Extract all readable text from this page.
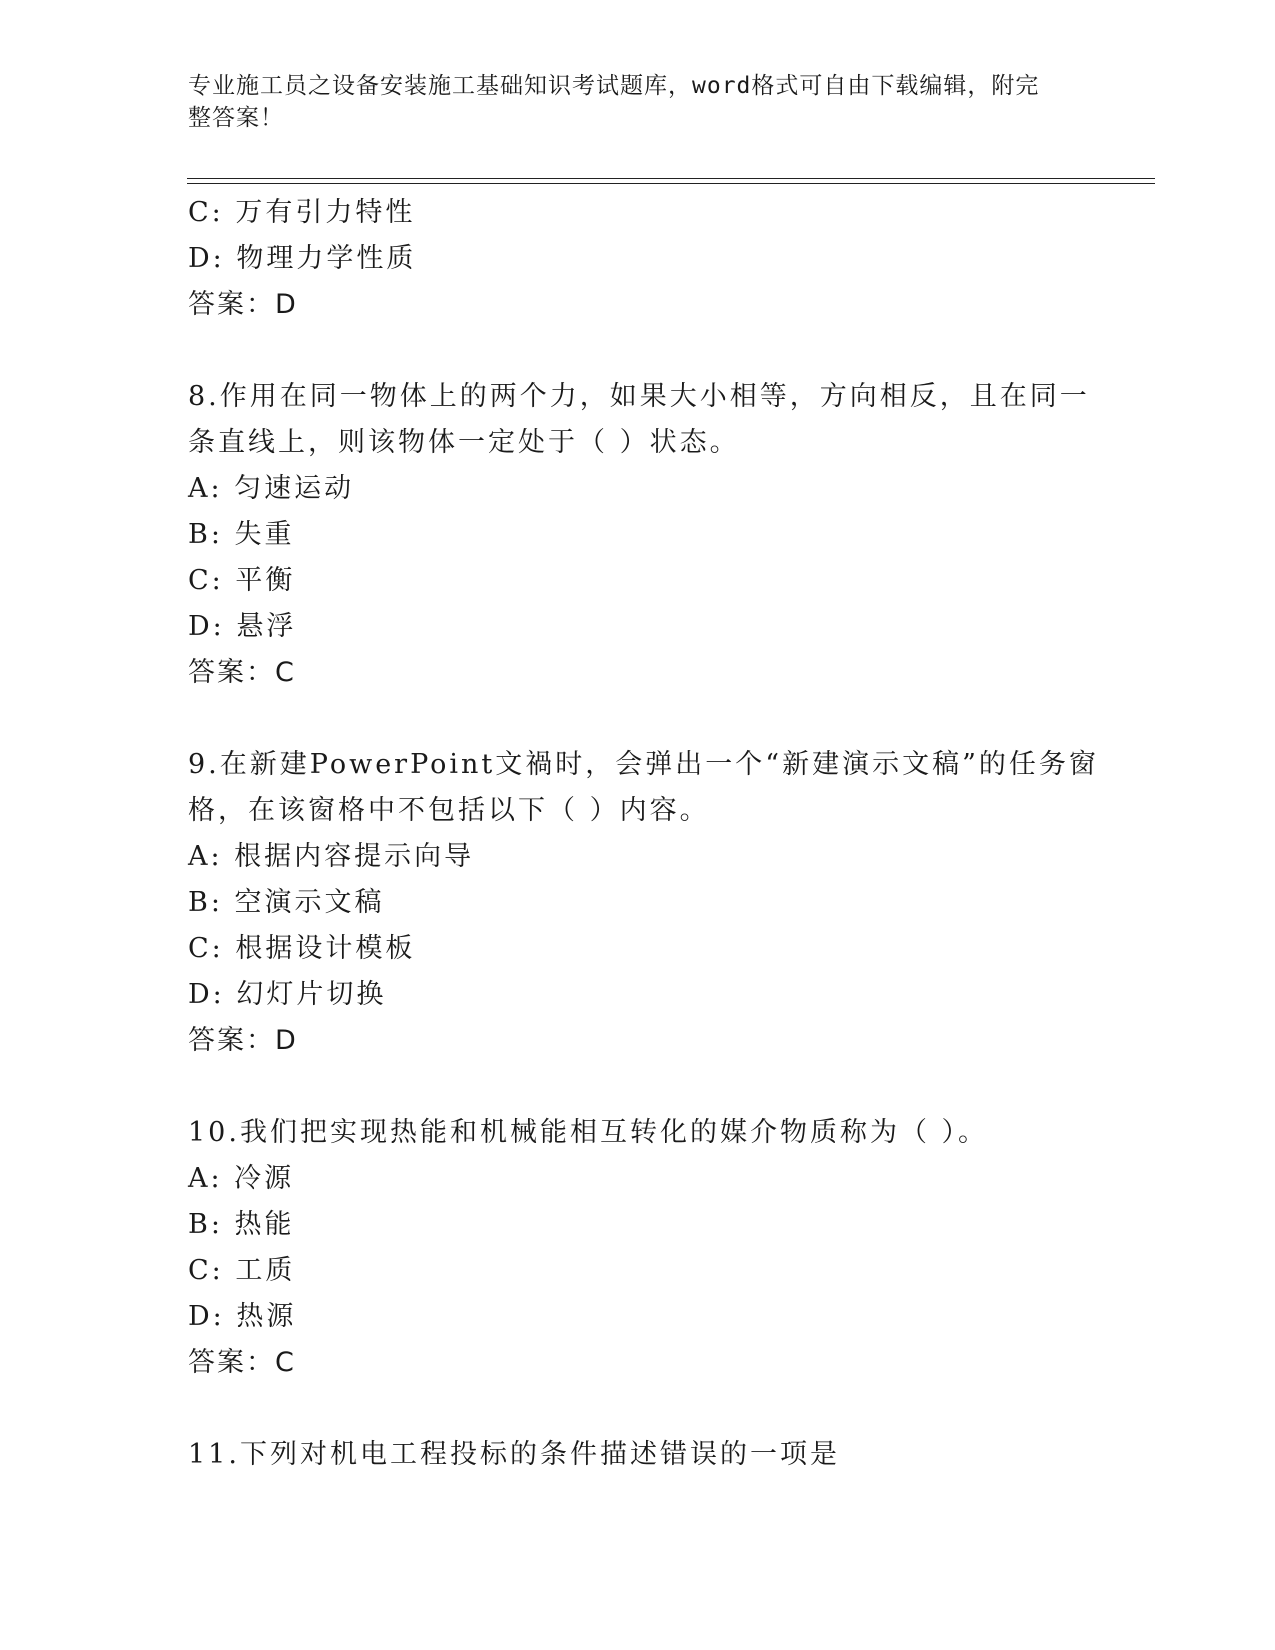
专业施工员之设备安装施工基础知识考试题库，word格式可自由下载编辑，附完
整答案！
C: 万有引力特性
D: 物理力学性质
答案：D
8.作用在同一物体上的两个力，如果大小相等，方向相反，且在同一
条直线上，则该物体一定处于（ ）状态。
A: 匀速运动
B: 失重
C: 平衡
D: 悬浮
答案：C
9.在新建PowerPoint文禍时，会弹出一个“新建演示文稿”的任务窗
格，在该窗格中不包括以下（ ）内容。
A: 根据内容提示向导
B: 空演示文稿
C: 根据设计模板
D: 幻灯片切换
答案：D
10.我们把实现热能和机械能相互转化的媒介物质称为（ ）。
A: 冷源
B: 热能
C: 工质
D: 热源
答案：C
11.下列对机电工程投标的条件描述错误的一项是
